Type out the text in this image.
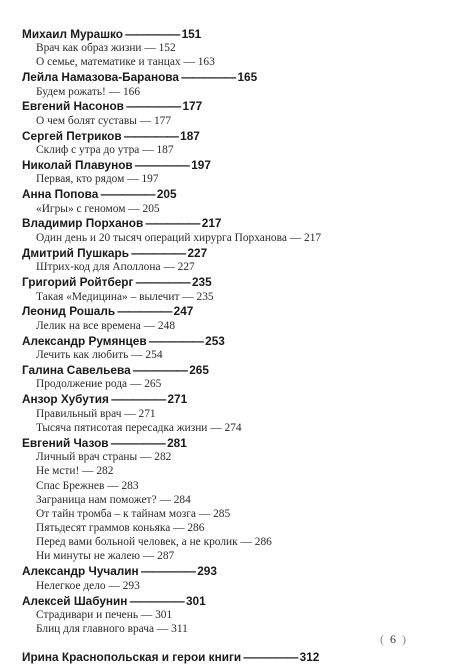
Михаил Мурашко ————— 151
Врач как образ жизни — 152
О семье, математике и танцах — 163
Лейла Намазова-Баранова ————— 165
Будем рожать! — 166
Евгений Насонов ————— 177
О чем болят суставы — 177
Сергей Петриков ————— 187
Склиф с утра до утра — 187
Николай Плавунов ————— 197
Первая, кто рядом — 197
Анна Попова ————— 205
«Игры» с геномом — 205
Владимир Порханов ————— 217
Один день и 20 тысяч операций хирурга Порханова — 217
Дмитрий Пушкарь ————— 227
Штрих-код для Аполлона — 227
Григорий Ройтберг ————— 235
Такая «Медицина» – вылечит — 235
Леонид Рошаль ————— 247
Лелик на все времена — 248
Александр Румянцев ————— 253
Лечить как любить — 254
Галина Савельева ————— 265
Продолжение рода — 265
Анзор Хубутия ————— 271
Правильный врач — 271
Тысяча пятисотая пересадка жизни — 274
Евгений Чазов ————— 281
Личный врач страны — 282
Не мсти! — 282
Спас Брежнев — 283
Заграница нам поможет? — 284
От тайн тромба – к тайнам мозга — 285
Пятьдесят граммов коньяка — 286
Перед вами больной человек, а не кролик — 286
Ни минуты не жалею — 287
Александр Чучалин ————— 293
Нелегкое дело — 293
Алексей Шабунин ————— 301
Страдивари и печень — 301
Блиц для главного врача — 311
Ирина Краснопольская и герои книги ————— 312
( 6 )
